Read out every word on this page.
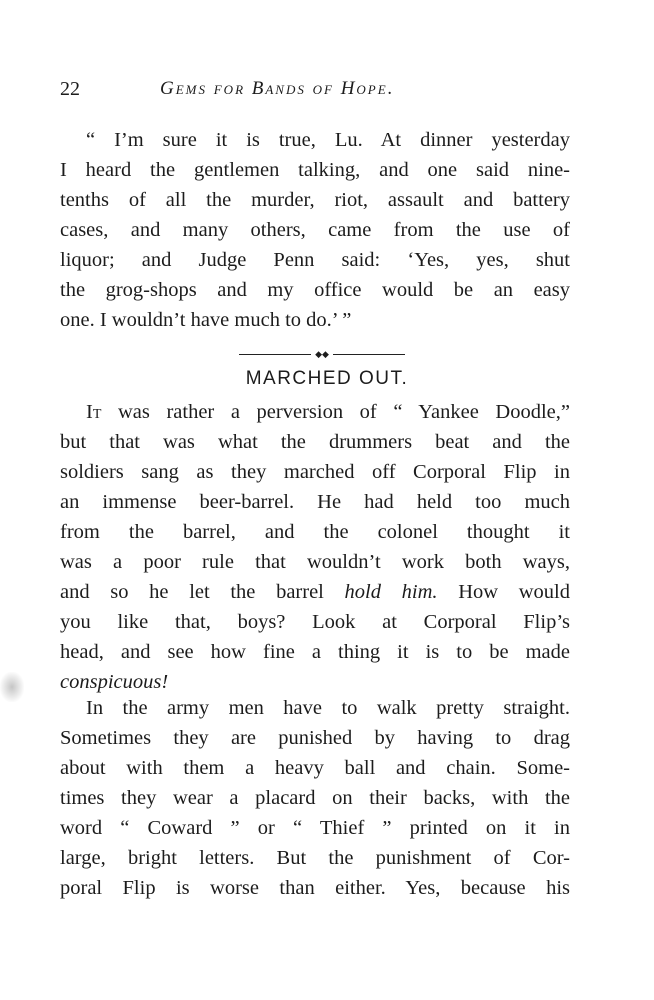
22	Gems for Bands of Hope.
“ I’m sure it is true, Lu. At dinner yesterday
I heard the gentlemen talking, and one said nine-
tenths of all the murder, riot, assault and battery
cases, and many others, came from the use of
liquor; and Judge Penn said: ‘Yes, yes, shut
the grog-shops and my office would be an easy
one. I wouldn’t have much to do.’ ”
◆◆
MARCHED OUT.
It was rather a perversion of “ Yankee Doodle,”
but that was what the drummers beat and the
soldiers sang as they marched off Corporal Flip in
an immense beer-barrel. He had held too much
from the barrel, and the colonel thought it
was a poor rule that wouldn’t work both ways,
and so he let the barrel hold him. How would
you like that, boys? Look at Corporal Flip’s
head, and see how fine a thing it is to be made
conspicuous!
In the army men have to walk pretty straight.
Sometimes they are punished by having to drag
about with them a heavy ball and chain. Some-
times they wear a placard on their backs, with the
word “ Coward ” or “ Thief ” printed on it in
large, bright letters. But the punishment of Cor-
poral Flip is worse than either. Yes, because his
